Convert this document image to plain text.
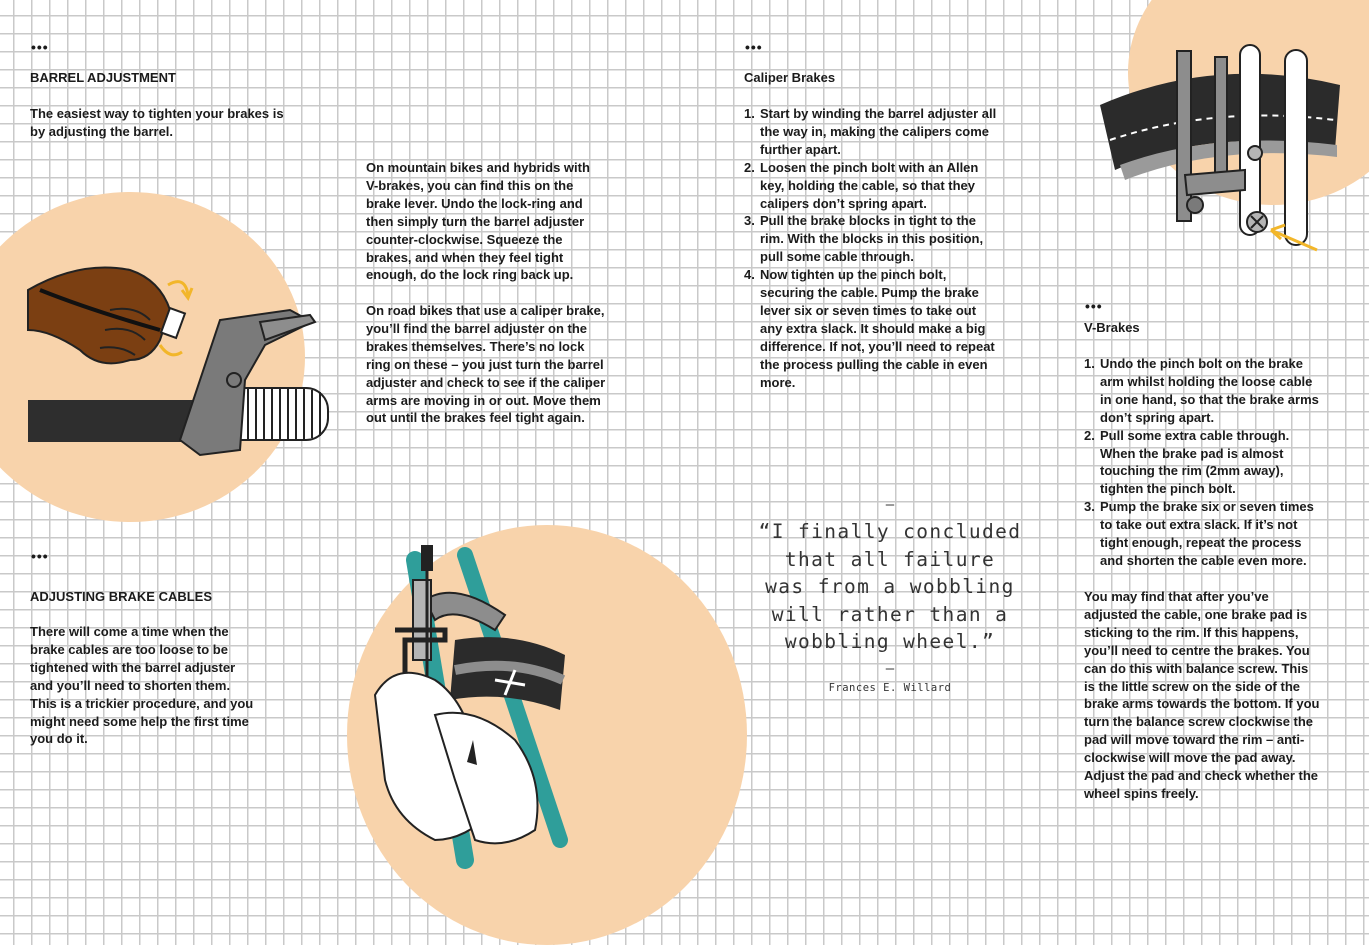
•••
BARREL ADJUSTMENT
The easiest way to tighten your brakes is
by adjusting the barrel.
On mountain bikes and hybrids with
V-brakes, you can find this on the
brake lever. Undo the lock-ring and
then simply turn the barrel adjuster
counter-clockwise. Squeeze the
brakes, and when they feel tight
enough, do the lock ring back up.
On road bikes that use a caliper brake,
you’ll find the barrel adjuster on the
brakes themselves. There’s no lock
ring on these – you just turn the barrel
adjuster and check to see if the caliper
arms are moving in or out. Move them
out until the brakes feel tight again.
•••
ADJUSTING BRAKE CABLES
There will come a time when the
brake cables are too loose to be
tightened with the barrel adjuster
and you’ll need to shorten them.
This is a trickier procedure, and you
might need some help the first time
you do it.
•••
Caliper Brakes
1. Start by winding the barrel adjuster all
the way in, making the calipers come
further apart.
2. Loosen the pinch bolt with an Allen
key, holding the cable, so that they
calipers don’t spring apart.
3. Pull the brake blocks in tight to the
rim. With the blocks in this position,
pull some cable through.
4. Now tighten up the pinch bolt,
securing the cable. Pump the brake
lever six or seven times to take out
any extra slack. It should make a big
difference. If not, you’ll need to repeat
the process pulling the cable in even
more.
—
“I finally concluded
that all failure
was from a wobbling
will rather than a
wobbling wheel.”
—
Frances E. Willard
•••
V-Brakes
1. Undo the pinch bolt on the brake
arm whilst holding the loose cable
in one hand, so that the brake arms
don’t spring apart.
2. Pull some extra cable through.
When the brake pad is almost
touching the rim (2mm away),
tighten the pinch bolt.
3. Pump the brake six or seven times
to take out extra slack. If it’s not
tight enough, repeat the process
and shorten the cable even more.
You may find that after you’ve
adjusted the cable, one brake pad is
sticking to the rim. If this happens,
you’ll need to centre the brakes. You
can do this with balance screw. This
is the little screw on the side of the
brake arms towards the bottom. If you
turn the balance screw clockwise the
pad will move toward the rim – anti-
clockwise will move the pad away.
Adjust the pad and check whether the
wheel spins freely.
